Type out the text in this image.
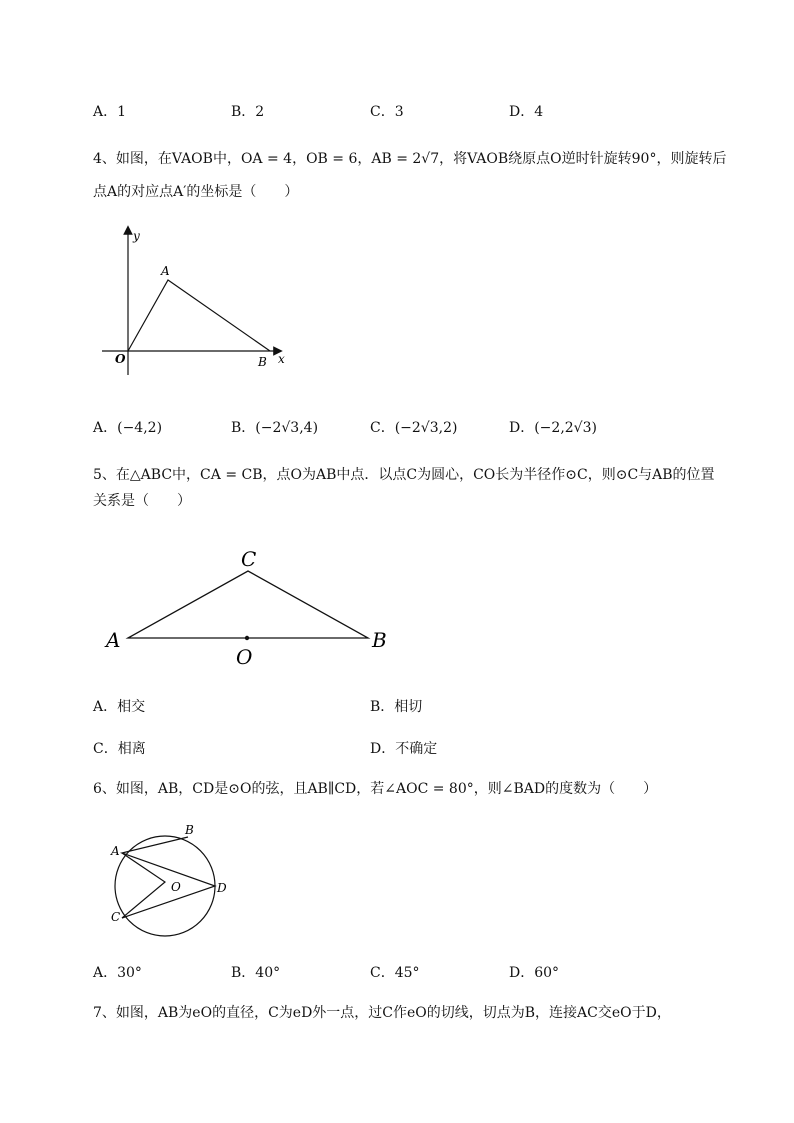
A．1	B．2	C．3	D．4
4、如图，在VAOB中，OA = 4，OB = 6，AB = 2√7，将VAOB绕原点O逆时针旋转90°，则旋转后
点A的对应点A′的坐标是（　　）
y
x
A
O	B
A．(−4,2)	B．(−2√3,4)	C．(−2√3,2)	D．(−2,2√3)
5、在△ABC中，CA = CB，点O为AB中点．以点C为圆心，CO长为半径作⊙C，则⊙C与AB的位置
关系是（　　）
C
A	B
O
A．相交	B．相切
C．相离	D．不确定
6、如图，AB，CD是⊙O的弦，且AB∥CD，若∠AOC = 80°，则∠BAD的度数为（　　）
B
A
O	D
C
A．30°	B．40°	C．45°	D．60°
7、如图，AB为eO的直径，C为eD外一点，过C作eO的切线，切点为B，连接AC交eO于D，
